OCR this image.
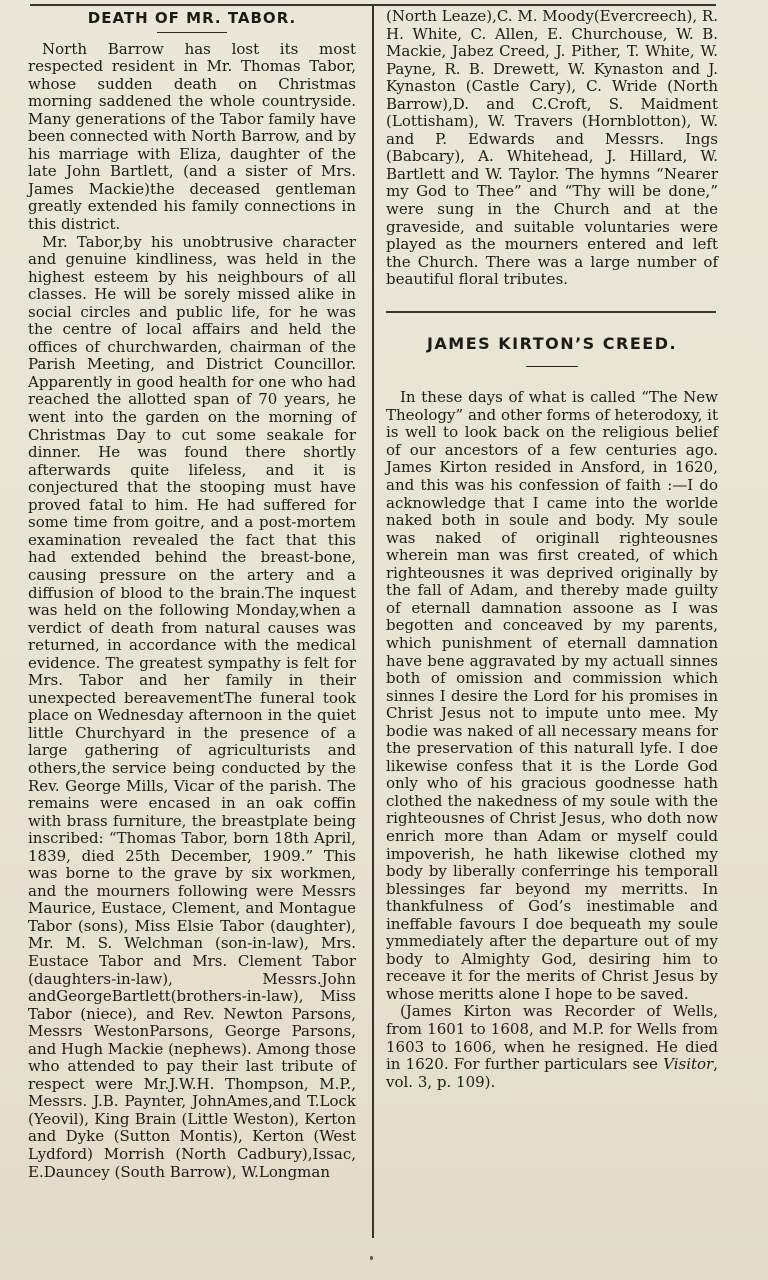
DEATH OF MR. TABOR.

North Barrow has lost its most respected resident in Mr. Thomas Tabor, whose sudden death on Christmas morning saddened the whole countryside. Many generations of the Tabor family have been connected with North Barrow, and by his marriage with Eliza, daughter of the late John Bartlett, (and a sister of Mrs. James Mackie)the deceased gentleman greatly extended his family connections in this district.

Mr. Tabor,by his unobtrusive character and genuine kindliness, was held in the highest esteem by his neighbours of all classes. He will be sorely missed alike in social circles and public life, for he was the centre of local affairs and held the offices of churchwarden, chairman of the Parish Meeting, and District Councillor. Apparently in good health for one who had reached the allotted span of 70 years, he went into the garden on the morning of Christmas Day to cut some seakale for dinner. He was found there shortly afterwards quite lifeless, and it is conjectured that the stooping must have proved fatal to him. He had suffered for some time from goitre, and a post-mortem examination revealed the fact that this had extended behind the breast-bone, causing pressure on the artery and a diffusion of blood to the brain.The inquest was held on the following Monday,when a verdict of death from natural causes was returned, in accordance with the medical evidence. The greatest sympathy is felt for Mrs. Tabor and her family in their unexpected bereavementThe funeral took place on Wednesday afternoon in the quiet little Churchyard in the presence of a large gathering of agriculturists and others,the service being conducted by the Rev. George Mills, Vicar of the parish. The remains were encased in an oak coffin with brass furniture, the breastplate being inscribed: “Thomas Tabor, born 18th April, 1839, died 25th December, 1909.” This was borne to the grave by six workmen, and the mourners following were Messrs Maurice, Eustace, Clement, and Montague Tabor (sons), Miss Elsie Tabor (daughter), Mr. M. S. Welchman (son-in-law), Mrs. Eustace Tabor and Mrs. Clement Tabor (daughters-in-law), Messrs.John andGeorgeBartlett(brothers-in-law), Miss Tabor (niece), and Rev. Newton Parsons, Messrs WestonParsons, George Parsons, and Hugh Mackie (nephews). Among those who attended to pay their last tribute of respect were Mr.J.W.H. Thompson, M.P., Messrs. J.B. Paynter, JohnAmes,and T.Lock (Yeovil), King Brain (Little Weston), Kerton and Dyke (Sutton Montis), Kerton (West Lydford) Morrish (North Cadbury),Issac, E.Dauncey (South Barrow), W.Longman

(North Leaze),C. M. Moody(Evercreech), R. H. White, C. Allen, E. Churchouse, W. B. Mackie, Jabez Creed, J. Pither, T. White, W. Payne, R. B. Drewett, W. Kynaston and J. Kynaston (Castle Cary), C. Wride (North Barrow),D. and C.Croft, S. Maidment (Lottisham), W. Travers (Hornblotton), W. and P. Edwards and Messrs. Ings (Babcary), A. Whitehead, J. Hillard, W. Bartlett and W. Taylor. The hymns “Nearer my God to Thee” and “Thy will be done,” were sung in the Church and at the graveside, and suitable voluntaries were played as the mourners entered and left the Church. There was a large number of beautiful floral tributes.

JAMES KIRTON’S CREED.

In these days of what is called “The New Theology” and other forms of heterodoxy, it is well to look back on the religious belief of our ancestors of a few centuries ago. James Kirton resided in Ansford, in 1620, and this was his confession of faith :—I do acknowledge that I came into the worlde naked both in soule and body. My soule was naked of originall righteousnes wherein man was first created, of which righteousnes it was deprived originally by the fall of Adam, and thereby made guilty of eternall damnation assoone as I was begotten and conceaved by my parents, which punishment of eternall damnation have bene aggravated by my actuall sinnes both of omission and commission which sinnes I desire the Lord for his promises in Christ Jesus not to impute unto mee. My bodie was naked of all necessary means for the preservation of this naturall lyfe. I doe likewise confess that it is the Lorde God only who of his gracious goodnesse hath clothed the nakedness of my soule with the righteousnes of Christ Jesus, who doth now enrich more than Adam or myself could impoverish, he hath likewise clothed my body by liberally conferringe his temporall blessinges far beyond my merritts. In thankfulness of God’s inestimable and ineffable favours I doe bequeath my soule ymmediately after the departure out of my body to Almighty God, desiring him to receave it for the merits of Christ Jesus by whose meritts alone I hope to be saved.

(James Kirton was Recorder of Wells, from 1601 to 1608, and M.P. for Wells from 1603 to 1606, when he resigned. He died in 1620. For further particulars see Visitor, vol. 3, p. 109).
